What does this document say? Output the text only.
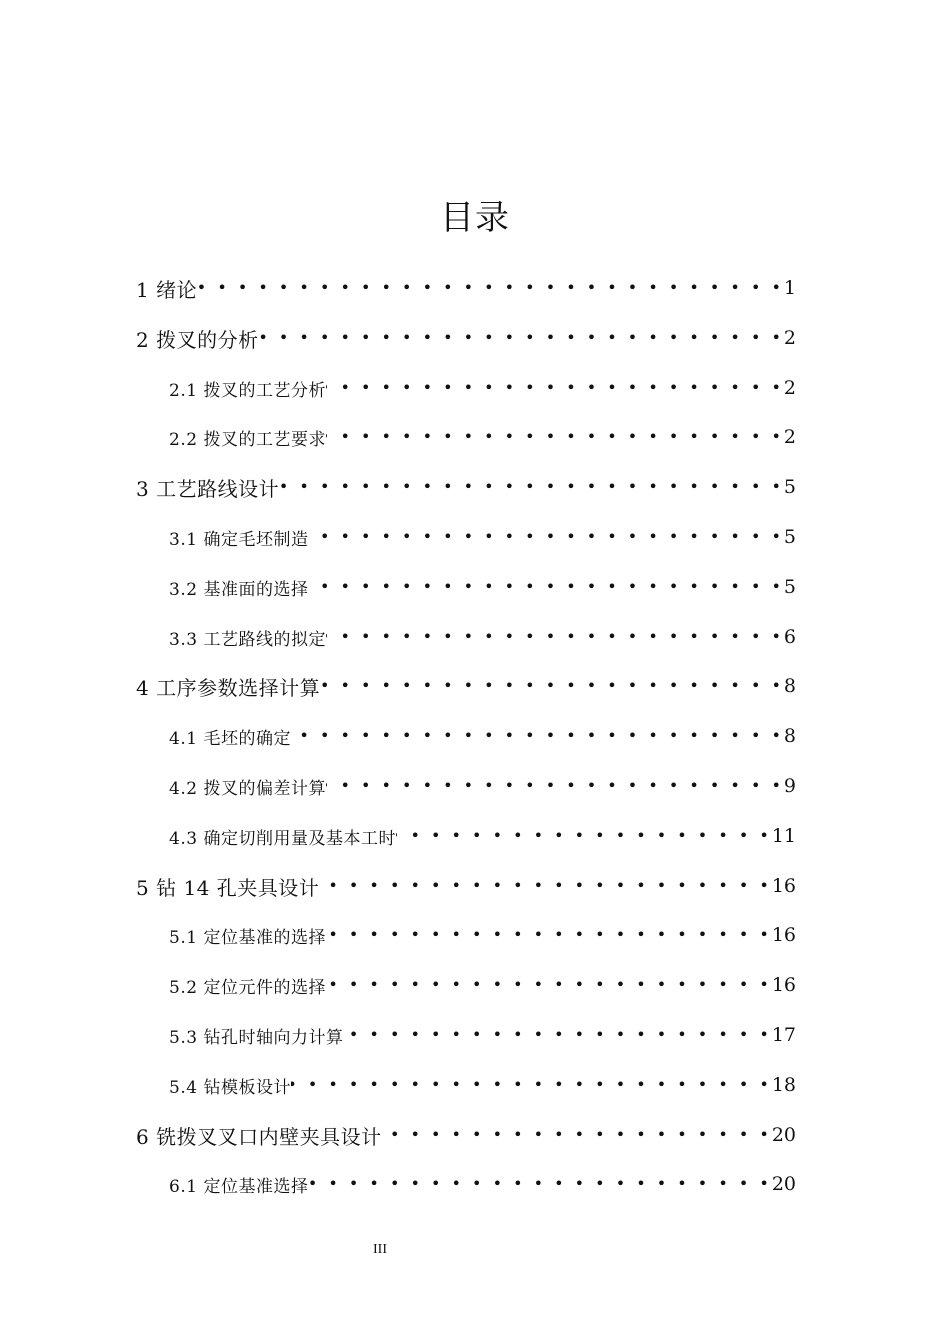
目录
1 绪论 • • •	1
2 拨叉的分析 • • •	2
2.1 拨叉的工艺分析 • • •	2
2.2 拨叉的工艺要求 • • •	2
3 工艺路线设计 • • •	5
3.1 确定毛坯制造 • • •	5
3.2 基准面的选择 • • •	5
3.3 工艺路线的拟定 • • •	6
4 工序参数选择计算 • • •	8
4.1 毛坯的确定 • • •	8
4.2 拨叉的偏差计算 • • •	9
4.3 确定切削用量及基本工时 • • •	11
5 钻 14 孔夹具设计 • • •	16
5.1 定位基准的选择 • • •	16
5.2 定位元件的选择 • • •	16
5.3 钻孔时轴向力计算 • • •	17
5.4 钻模板设计 • • •	18
6 铣拨叉叉口内壁夹具设计 • • •	20
6.1 定位基准选择 • • •	20
III
